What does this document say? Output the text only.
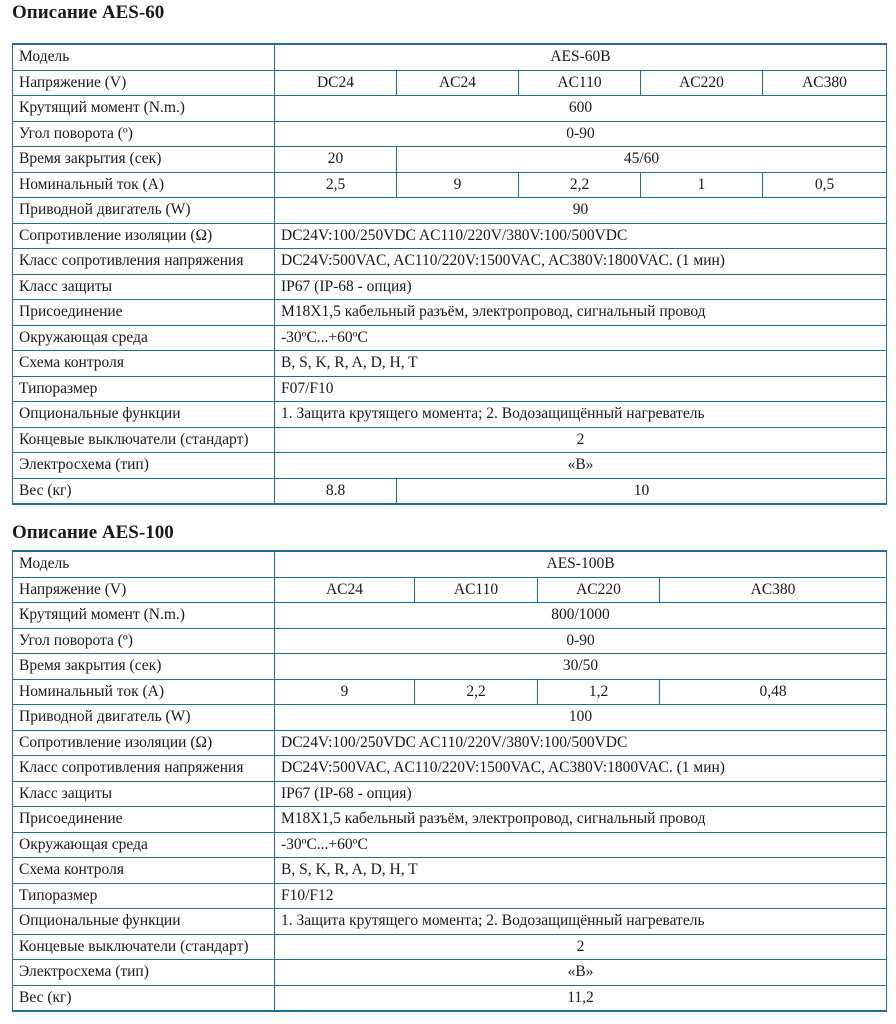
Описание AES-60
Модель	AES-60B				
Напряжение (V)	DC24	AC24	AC110	AC220	AC380
Крутящий момент (N.m.)	600				
Угол поворота (º)	0-90				
Время закрытия (сек)	20	45/60			
Номинальный ток (A)	2,5	9	2,2	1	0,5
Приводной двигатель (W)	90				
Сопротивление изоляции (Ω)	DC24V:100/250VDC AC110/220V/380V:100/500VDC				
Класс сопротивления напряжения	DC24V:500VAC, AC110/220V:1500VAC, AC380V:1800VAC. (1 мин)				
Класс защиты	IP67 (IP-68 - опция)				
Присоединение	M18X1,5 кабельный разъём, электропровод, сигнальный провод				
Окружающая среда	-30ºC...+60ºC				
Схема контроля	B, S, K, R, A, D, H, T				
Типоразмер	F07/F10				
Опциональные функции	1. Защита крутящего момента; 2. Водозащищённый нагреватель				
Концевые выключатели (стандарт)	2				
Электросхема (тип)	«B»				
Вес (кг)	8.8	10			
Описание AES-100
Модель	AES-100B			
Напряжение (V)	AC24	AC110	AC220	AC380
Крутящий момент (N.m.)	800/1000			
Угол поворота (º)	0-90			
Время закрытия (сек)	30/50			
Номинальный ток (A)	9	2,2	1,2	0,48
Приводной двигатель (W)	100			
Сопротивление изоляции (Ω)	DC24V:100/250VDC AC110/220V/380V:100/500VDC			
Класс сопротивления напряжения	DC24V:500VAC, AC110/220V:1500VAC, AC380V:1800VAC. (1 мин)			
Класс защиты	IP67 (IP-68 - опция)			
Присоединение	M18X1,5 кабельный разъём, электропровод, сигнальный провод			
Окружающая среда	-30ºC...+60ºC			
Схема контроля	B, S, K, R, A, D, H, T			
Типоразмер	F10/F12			
Опциональные функции	1. Защита крутящего момента; 2. Водозащищённый нагреватель			
Концевые выключатели (стандарт)	2			
Электросхема (тип)	«B»			
Вес (кг)	11,2			
